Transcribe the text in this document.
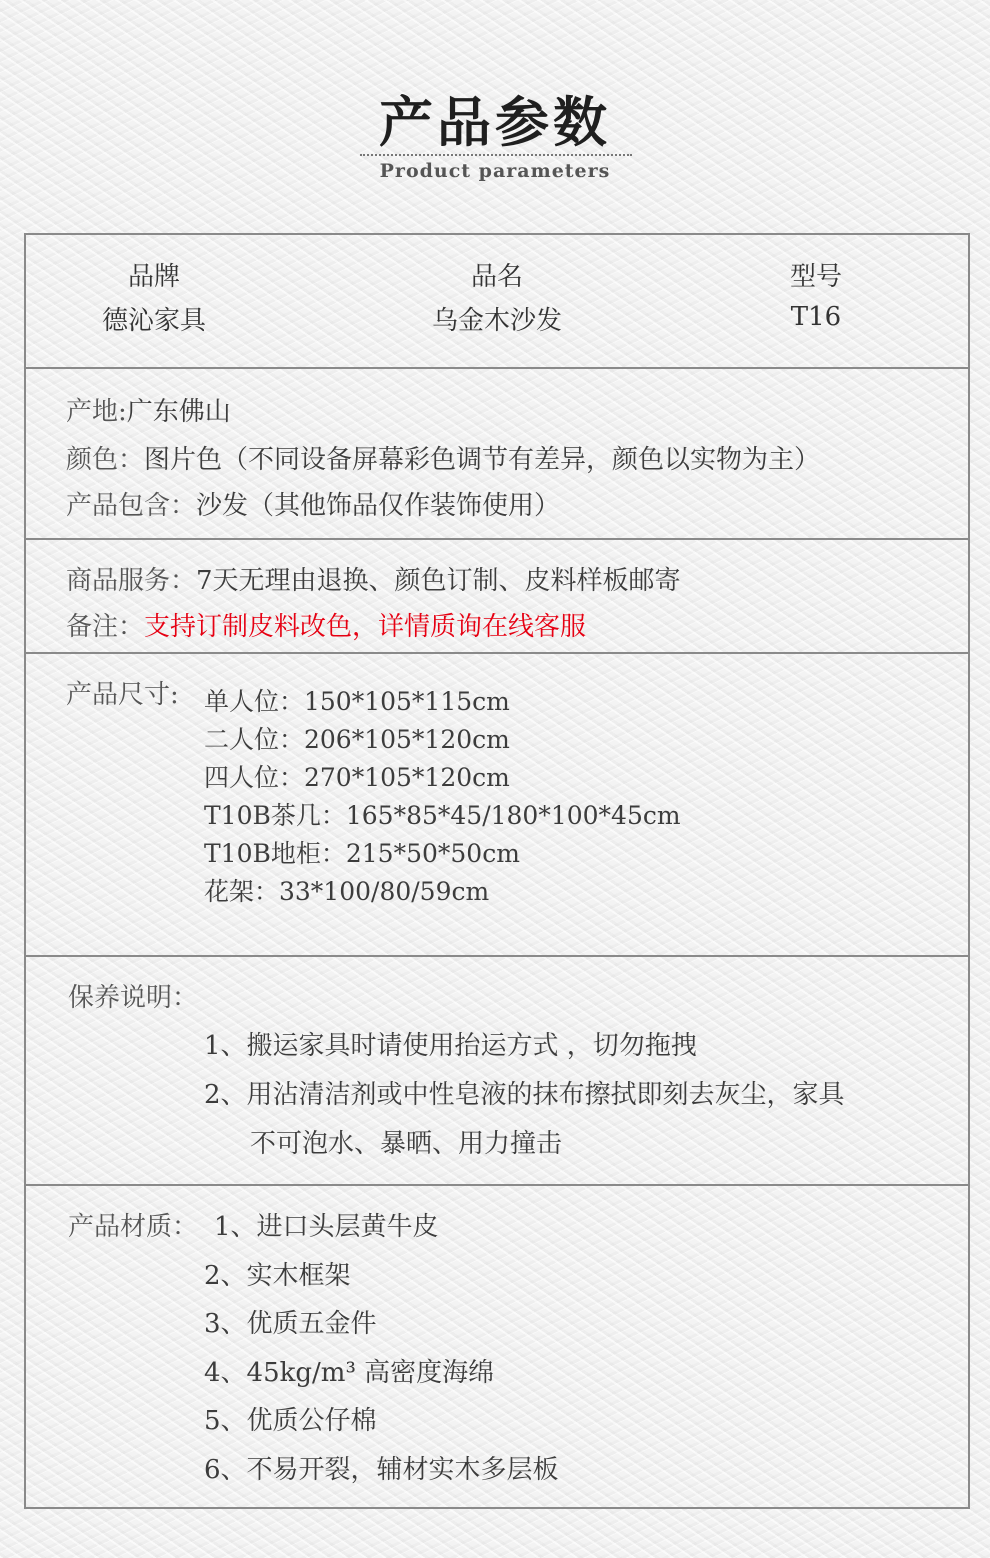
产品参数
Product parameters
品牌
德沁家具
品名
乌金木沙发
型号
T16
产地:广东佛山
颜色：图片色（不同设备屏幕彩色调节有差异，颜色以实物为主）
产品包含：沙发（其他饰品仅作装饰使用）
商品服务：7天无理由退换、颜色订制、皮料样板邮寄
备注：支持订制皮料改色，详情质询在线客服
产品尺寸: 单人位：150*105*115cm
二人位：206*105*120cm
四人位：270*105*120cm
T10B茶几：165*85*45/180*100*45cm
T10B地柜：215*50*50cm
花架：33*100/80/59cm
保养说明：
1、搬运家具时请使用抬运方式 ，切勿拖拽
2、用沾清洁剂或中性皂液的抹布擦拭即刻去灰尘，家具
不可泡水、暴晒、用力撞击
产品材质： 1、进口头层黄牛皮
2、实木框架
3、优质五金件
4、45kg/m³ 高密度海绵
5、优质公仔棉
6、不易开裂，辅材实木多层板
